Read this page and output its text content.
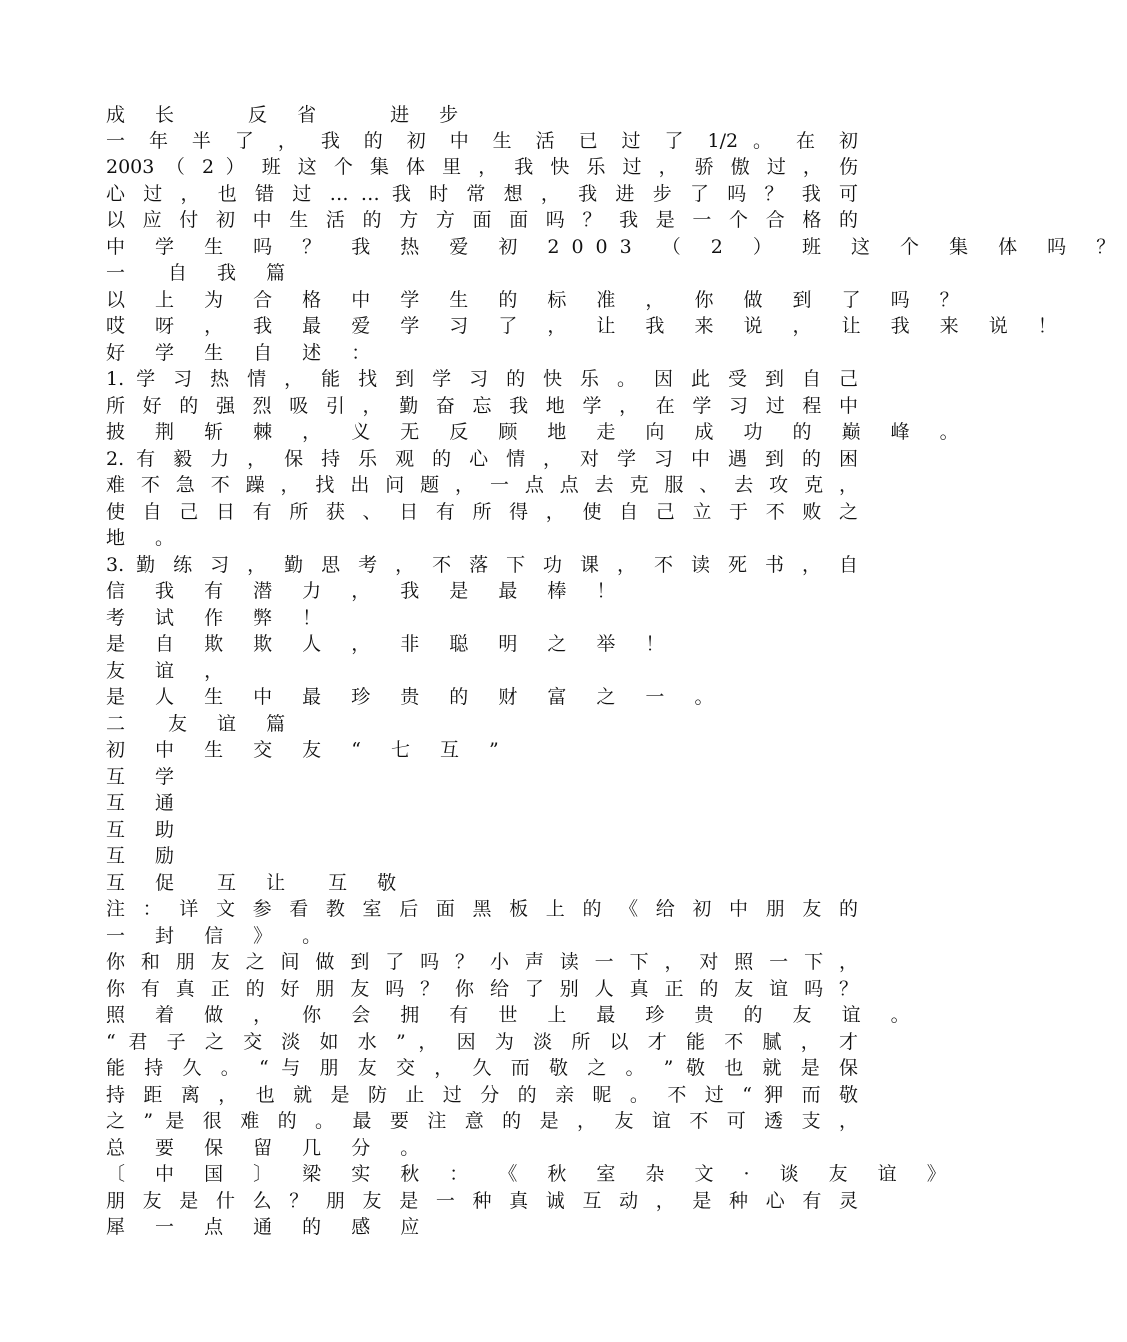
成 长　　反 省　　进 步
一 年 半 了 ， 我 的 初 中 生 活 已 过 了 1/2 。 在 初
2003 （ 2 ） 班 这 个 集 体 里 ， 我 快 乐 过 ， 骄 傲 过 ， 伤
心 过 ， 也 错 过 … … 我 时 常 想 ， 我 进 步 了 吗 ？ 我 可
以 应 付 初 中 生 活 的 方 方 面 面 吗 ？ 我 是 一 个 合 格 的
中 学 生 吗 ？ 我 热 爱 初 2003 （ 2 ） 班 这 个 集 体 吗 ？
一　自 我 篇
以 上 为 合 格 中 学 生 的 标 准 ， 你 做 到 了 吗 ？
哎 呀 ， 我 最 爱 学 习 了 ， 让 我 来 说 ， 让 我 来 说 ！
好 学 生 自 述 ：
1. 学 习 热 情 ， 能 找 到 学 习 的 快 乐 。 因 此 受 到 自 己
所 好 的 强 烈 吸 引 ， 勤 奋 忘 我 地 学 ， 在 学 习 过 程 中
披 荆 斩 棘 ， 义 无 反 顾 地 走 向 成 功 的 巅 峰 。
2. 有 毅 力 ， 保 持 乐 观 的 心 情 ， 对 学 习 中 遇 到 的 困
难 不 急 不 躁 ， 找 出 问 题 ， 一 点 点 去 克 服 、 去 攻 克 ，
使 自 己 日 有 所 获 、 日 有 所 得 ， 使 自 己 立 于 不 败 之
地 。
3. 勤 练 习 ， 勤 思 考 ， 不 落 下 功 课 ， 不 读 死 书 ， 自
信 我 有 潜 力 ， 我 是 最 棒 ！
考 试 作 弊 ！
是 自 欺 欺 人 ， 非 聪 明 之 举 ！
友 谊 ，
是 人 生 中 最 珍 贵 的 财 富 之 一 。
二　友 谊 篇
初 中 生 交 友 “ 七 互 ”
互 学
互 通
互 助
互 励
互 促　互 让　互 敬
注 ： 详 文 参 看 教 室 后 面 黑 板 上 的 《 给 初 中 朋 友 的
一 封 信 》 。
你 和 朋 友 之 间 做 到 了 吗 ？ 小 声 读 一 下 ， 对 照 一 下 ，
你 有 真 正 的 好 朋 友 吗 ？ 你 给 了 别 人 真 正 的 友 谊 吗 ？
照 着 做 ， 你 会 拥 有 世 上 最 珍 贵 的 友 谊 。
“ 君 子 之 交 淡 如 水 ” ， 因 为 淡 所 以 才 能 不 腻 ， 才
能 持 久 。 “ 与 朋 友 交 ， 久 而 敬 之 。 ” 敬 也 就 是 保
持 距 离 ， 也 就 是 防 止 过 分 的 亲 昵 。 不 过 “ 狎 而 敬
之 ” 是 很 难 的 。 最 要 注 意 的 是 ， 友 谊 不 可 透 支 ，
总 要 保 留 几 分 。
〔 中 国 〕 梁 实 秋 ： 《 秋 室 杂 文 · 谈 友 谊 》
朋 友 是 什 么 ？ 朋 友 是 一 种 真 诚 互 动 ， 是 种 心 有 灵
犀 一 点 通 的 感 应
